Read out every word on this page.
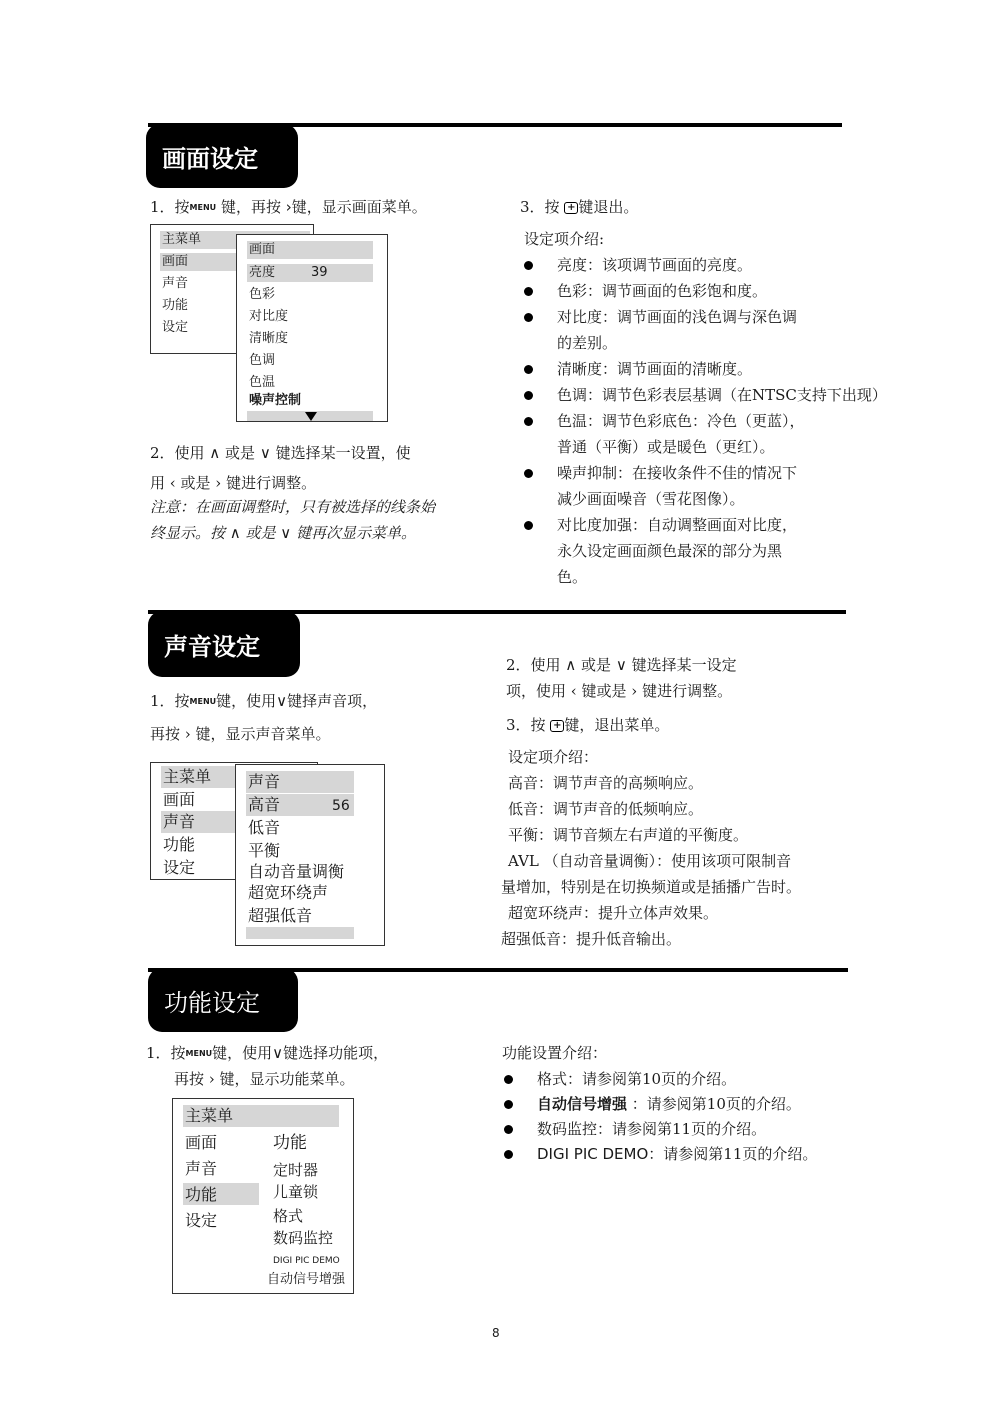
画面设定
1．按MENU 键，再按 ›键，显示画面菜单。
主菜单
画面
声音
功能
设定
画面
亮度	39
色彩
对比度
清晰度
色调
色温
噪声控制
2．使用 ∧ 或是 ∨ 键选择某一设置，使
用 ‹ 或是 › 键进行调整。
注意：在画面调整时，只有被选择的线条始
终显示。按 ∧ 或是 ∨ 键再次显示菜单。
3．按 + 键退出。
设定项介绍:
亮度：该项调节画面的亮度。
色彩：调节画面的色彩饱和度。
对比度：调节画面的浅色调与深色调
的差别。
清晰度：调节画面的清晰度。
色调：调节色彩表层基调（在NTSC支持下出现）
色温：调节色彩底色：冷色（更蓝），
普通（平衡）或是暖色（更红）。
噪声抑制：在接收条件不佳的情况下
减少画面噪音（雪花图像）。
对比度加强：自动调整画面对比度，
永久设定画面颜色最深的部分为黑
色。
声音设定
1．按MENU键，使用∨键择声音项，
再按 › 键，显示声音菜单。
主菜单
画面
声音
功能
设定
声音
高音	56
低音
平衡
自动音量调衡
超宽环绕声
超强低音
2．使用 ∧ 或是 ∨ 键选择某一设定
项，使用 ‹ 键或是 › 键进行调整。
3．按 + 键，退出菜单。
设定项介绍：
高音：调节声音的高频响应。
低音：调节声音的低频响应。
平衡：调节音频左右声道的平衡度。
AVL （自动音量调衡）：使用该项可限制音
量增加，特别是在切换频道或是插播广告时。
超宽环绕声：提升立体声效果。
超强低音：提升低音输出。
功能设定
1．按MENU键，使用∨键选择功能项，
再按 › 键，显示功能菜单。
主菜单
画面
声音
功能
设定
功能
定时器
儿童锁
格式
数码监控
DIGI PIC DEMO
自动信号增强
功能设置介绍：
格式：请参阅第10页的介绍。
自动信号增强 ：请参阅第10页的介绍。
数码监控：请参阅第11页的介绍。
DIGI PIC DEMO：请参阅第11页的介绍。
8
